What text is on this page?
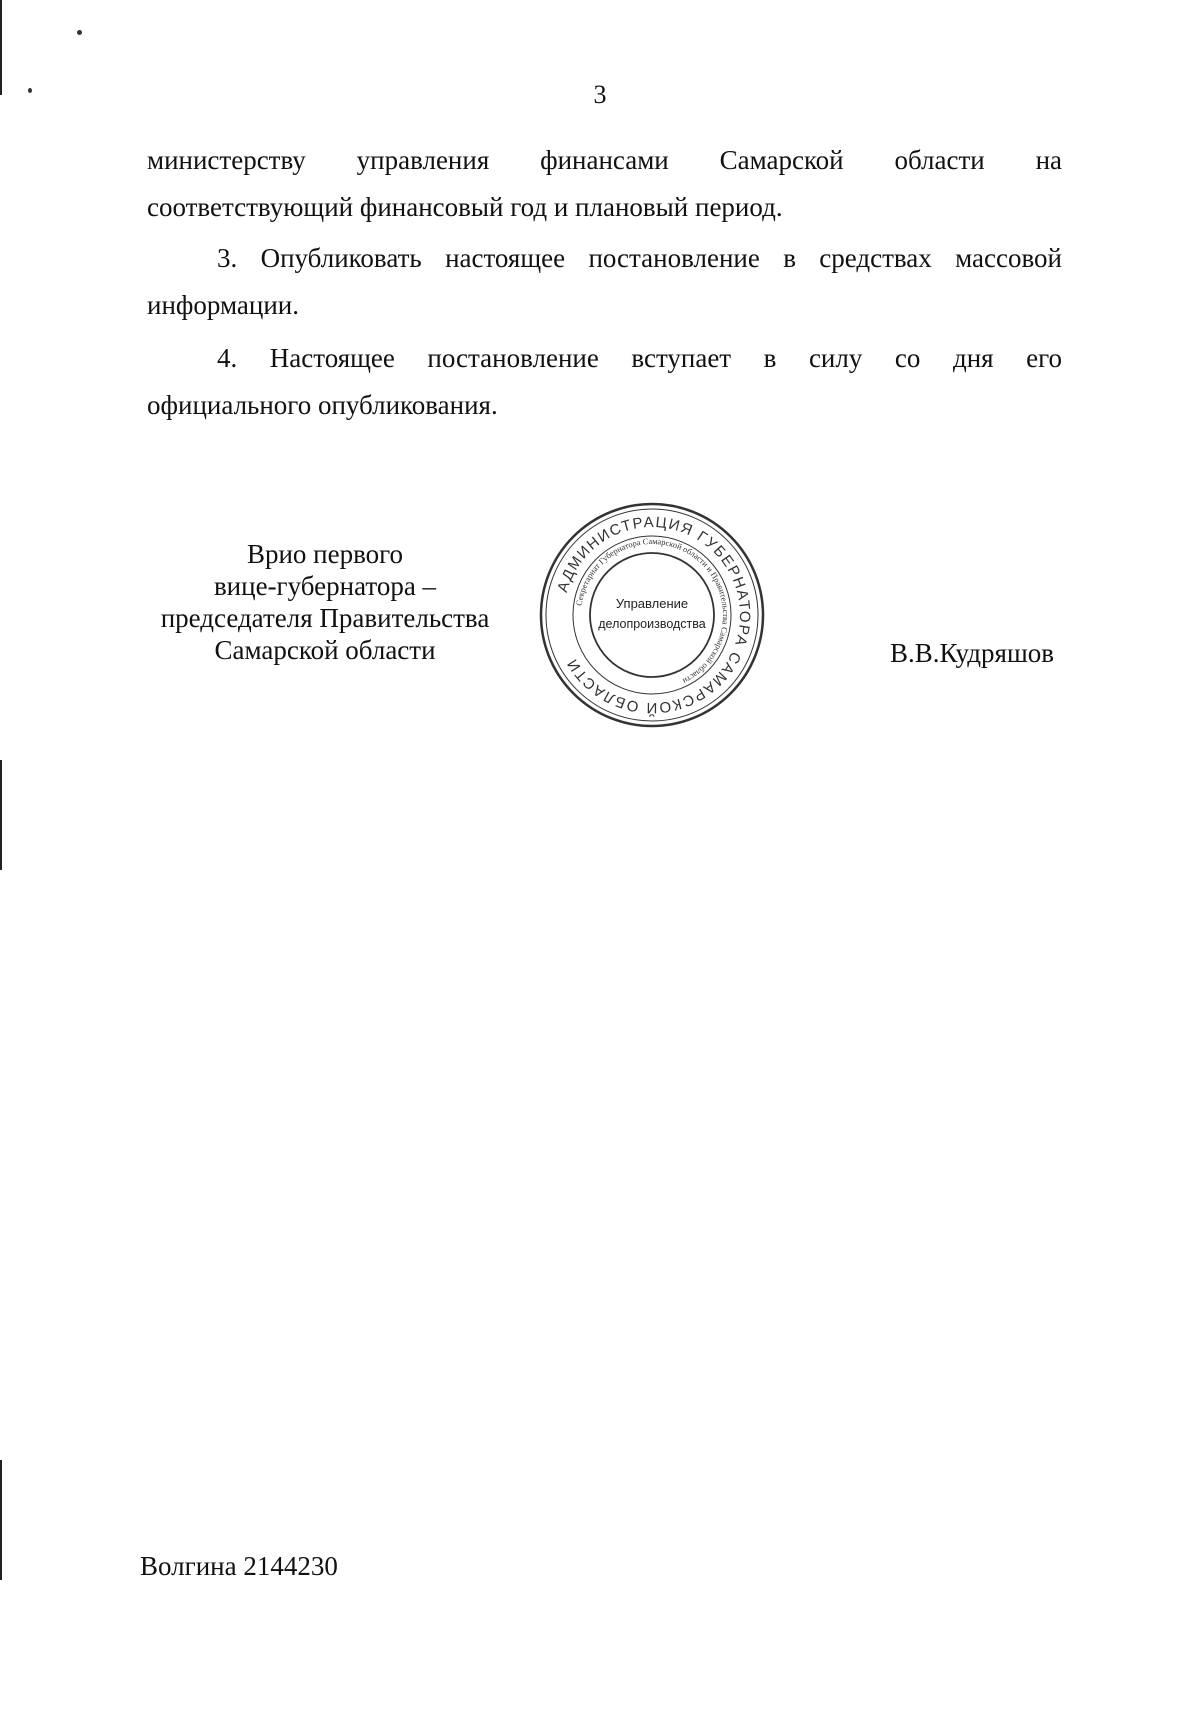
3

министерству управления финансами Самарской области на
соответствующий финансовый год и плановый период.

3. Опубликовать настоящее постановление в средствах массовой
информации.

4. Настоящее постановление вступает в силу со дня его
официального опубликования.

Врио первого
вице-губернатора –
председателя Правительства
Самарской области
АДМИНИСТРАЦИЯ ГУБЕРНАТОРА САМАРСКОЙ ОБЛАСТИ
Секретариат Губернатора Самарской области и Правительства Самарской области
Управление
делопроизводства
В.В.Кудряшов
Волгина 2144230
